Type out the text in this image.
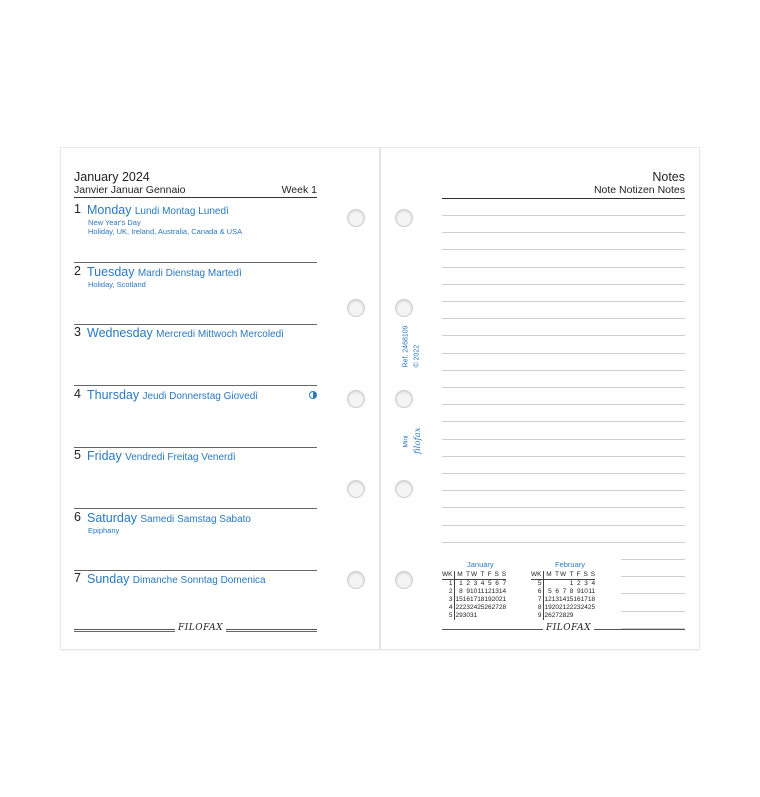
January 2024
Janvier Januar Gennaio	Week 1
1 Monday Lundi Montag Lunedì
New Year's Day
Holiday, UK, Ireland, Australia, Canada & USA
2 Tuesday Mardi Dienstag Martedì
Holiday, Scotland
3 Wednesday Mercredi Mittwoch Mercoledì
4 Thursday Jeudi Donnerstag Giovedì
5 Friday Vendredi Freitag Venerdì
6 Saturday Samedi Samstag Sabato
Epiphany
7 Sunday Dimanche Sonntag Domenica
FILOFAX
Ref. 2468109 © 2022
Mini filofax
Notes
Note Notizen Notes
January
WK	M	T	W	T	F	S	S
1	1	2	3	4	5	6	7
2	8	9	10	11	12	13	14
3	15	16	17	18	19	20	21
4	22	23	24	25	26	27	28
5	29	30	31				
February
WK	M	T	W	T	F	S	S
5				1	2	3	4
6	5	6	7	8	9	10	11
7	12	13	14	15	16	17	18
8	19	20	21	22	23	24	25
9	26	27	28	29			
FILOFAX
